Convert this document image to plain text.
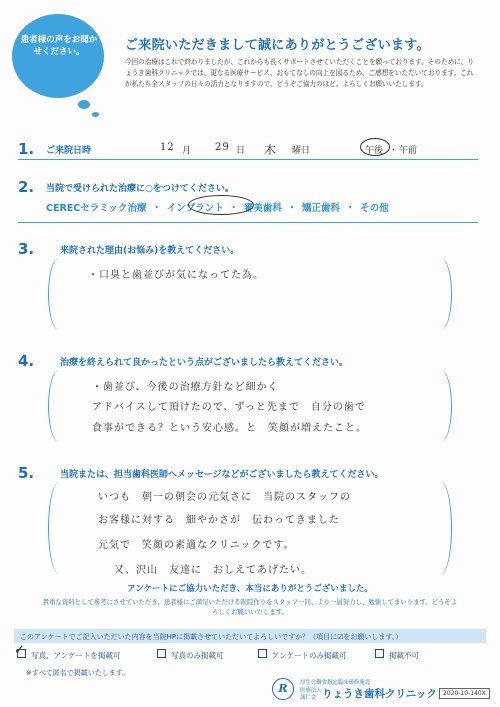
患者様の声をお聞かせください。	ご来院いただきまして誠にありがとうございます。
今回の治療はこれで終わりましたが、これからも長くサポートさせていただくことを願っております。そのために、りょうき歯科クリニックでは、更なる医療サービス、おもてなしの向上を図るため、ご感想をいただいております。これが私たち全スタッフの日々の活力となりますので、どうぞご協力のほど、よろしくお願いいたします。
1. ご来院日時	12 月 29 日 木 曜日	午後 ・ 午前
2. 当院で受けられた治療に○をつけてください。
CERECセラミック治療 ・ インプラント ・ 審美歯科 ・ 矯正歯科 ・ その他
3.	来院された理由(お悩み)を教えてください。
・口臭と歯並びが気になってた為。
4.	治療を終えられて良かったという点がございましたら教えてください。
・歯並び、今後の治療方針など細かく
アドバイスして頂けたので、ずっと先まで　自分の歯で
食事ができる？という安心感。と　笑顔が増えたこと。
5.	当院または、担当歯科医師へメッセージなどがございましたら教えてください。
いつも　朝一の朝会の元気さに　当院のスタッフの
お客様に対する　細やかさが　伝わってきました
元気で　笑顔の素適なクリニックです。
又、沢山　友達に　おしえてあげたい。
アンケートにご協力いただき、本当にありがとうございました。
貴重な資料として参考にさせていただき、患者様にご満足いただける医院作りをスタッフ一同、より一層努力し、勉強してまいります。どうぞよろしくお願いいたします。
このアンケートでご記入いただいた内容を当院HPに掲載させていただいてよろしいですか？（項目に☑をお願いします。）
✓ 写真、アンケートを掲載可	写真のみ掲載可	アンケートのみ掲載可	掲載不可
※すべて匿名で掲載いたします。
R	厚生労働省指定臨床研修施設
医療法人 誠仁会 りょうき歯科クリニック	2020-10-140X
